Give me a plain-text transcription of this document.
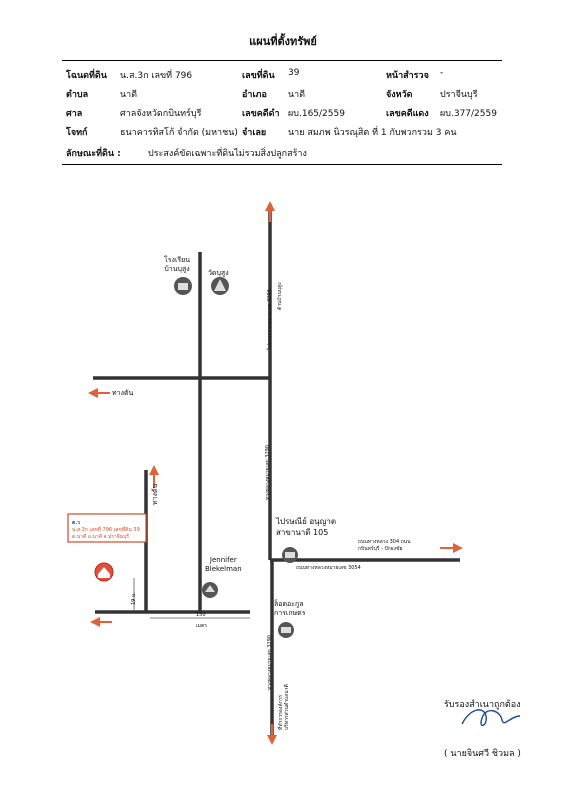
แผนที่ตั้งทรัพย์
โฉนดที่ดิน น.ส.3ก เลขที่ 796	เลขที่ดิน 39	หน้าสำรวจ -
ตำบล	นาดี	อำเภอ นาดี	จังหวัด	ปราจีนบุรี
ศาล	ศาลจังหวัดกบินทร์บุรี	เลขคดีดำ ผบ.165/2559	เลขคดีแดง ผบ.377/2559
โจทก์	ธนาคารทิสโก้ จำกัด (มหาชน) จำเลย นาย สมภพ นิวรณุสิต ที่ 1 กับพวกรวม 3 คน
ลักษณะที่ดิน :	ประสงค์ขัดเฉพาะที่ดินไม่รวมสิ่งปลูกสร้าง
โรงเรียน
บ้านบุสูง	วัดบุสูง
ไปทางหลวงหมายเลข 3290 ด้านบ้านบุสูง
ทางหลวงหมายเลข 3290
ทางตัน
ทางตัน
ต.ว
น.ส.3ก เลขที่ 796 เลขที่ดิน 39
ต.นาดี อ.นาดี จ.ปราจีนบุรี
19 ม.
Jennifer
Blekelman
ไปรษณีย์ อนุญาต
สาขานาดี 105
ถนนทางหลวง 304 ถนน
กบินทร์บุรี - ปักธงชัย
ถนนทางหลวงหมายเลข 3054
ล็อตอะกูล
การเกษตร
150
เมตร
ทางหลวงหมายเลข 3290
ที่ทำการองค์การ
บริหารส่วนตำบลนาดี	รับรองสำเนาถูกต้อง
( นายจินศวี ชิวมล )
